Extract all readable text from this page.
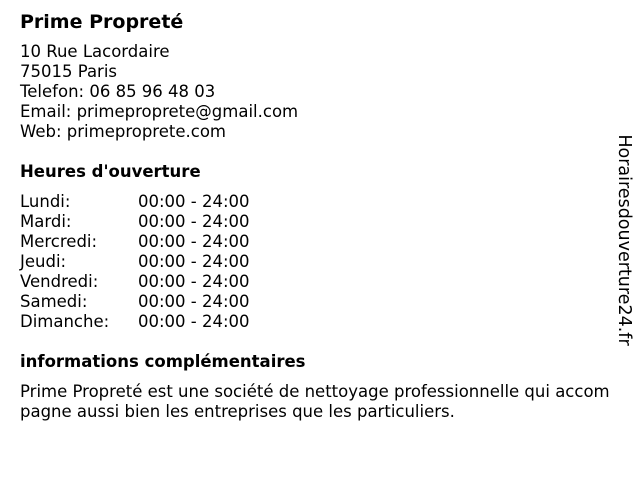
Prime Propreté
10 Rue Lacordaire
75015 Paris
Telefon: 06 85 96 48 03
Email: primeproprete@gmail.com
Web: primeproprete.com
Heures d'ouverture
Lundi:	00:00 - 24:00
Mardi:	00:00 - 24:00
Mercredi:	00:00 - 24:00
Jeudi:	00:00 - 24:00
Vendredi:	00:00 - 24:00
Samedi:	00:00 - 24:00
Dimanche:	00:00 - 24:00
informations complémentaires
Prime Propreté est une société de nettoyage professionnelle qui accompagne aussi bien les entreprises que les particuliers.
Horairesdouverture24.fr
